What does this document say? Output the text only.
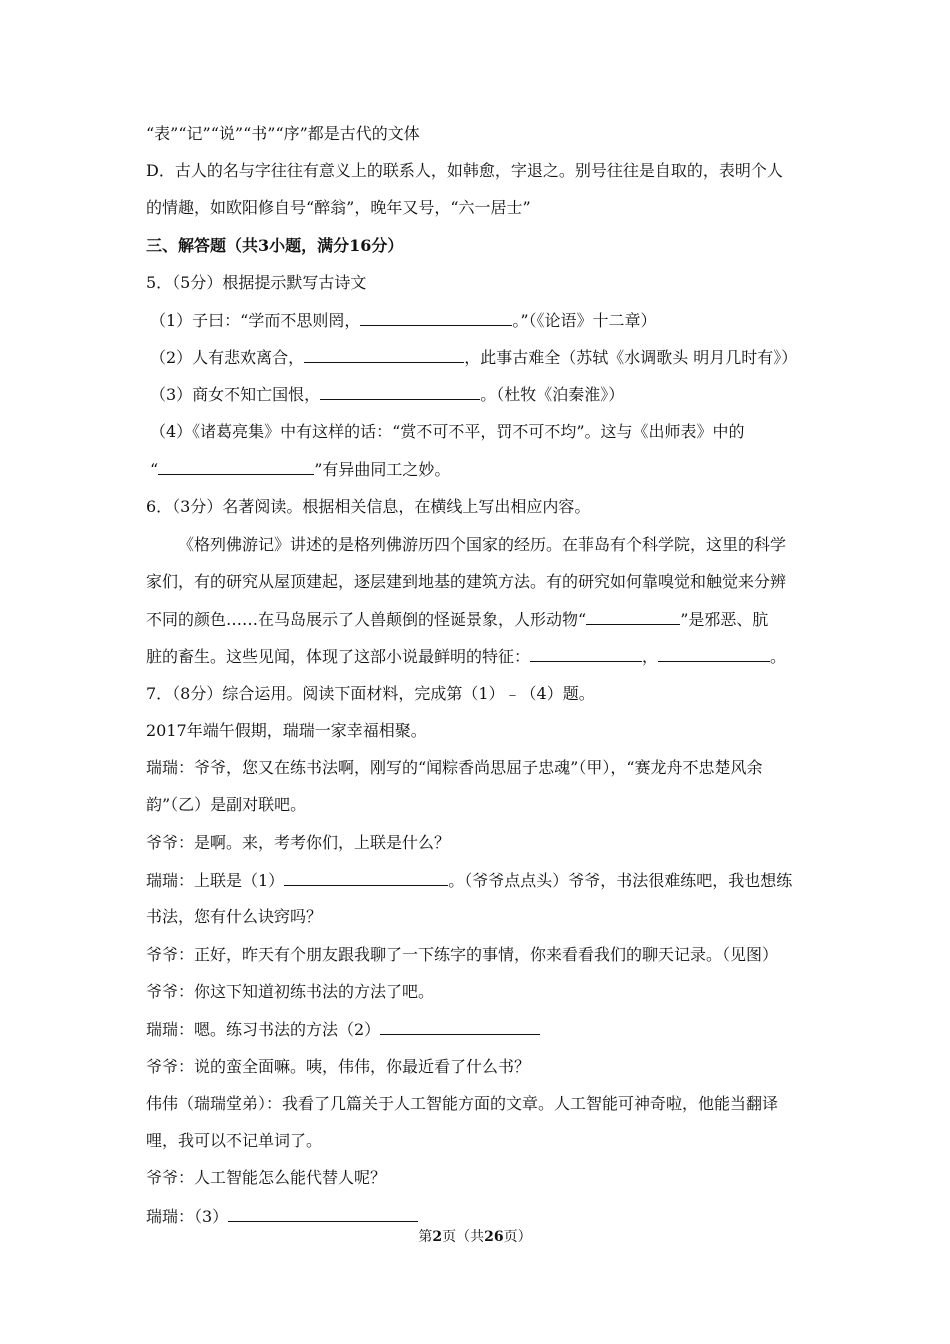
“表”“记”“说”“书”“序”都是古代的文体
D．古人的名与字往往有意义上的联系人，如韩愈，字退之。别号往往是自取的，表明个人
的情趣，如欧阳修自号“醉翁”，晚年又号，“六一居士”
三、解答题（共3小题，满分16分）
5．（5分）根据提示默写古诗文
（1）子曰：“学而不思则罔，	。”（《论语》十二章）
（2）人有悲欢离合，	，此事古难全（苏轼《水调歌头 明月几时有》）
（3）商女不知亡国恨，	。（杜牧《泊秦淮》）
（4）《诸葛亮集》中有这样的话：“赏不可不平，罚不可不均”。这与《出师表》中的
“	”有异曲同工之妙。
6．（3分）名著阅读。根据相关信息，在横线上写出相应内容。
《格列佛游记》讲述的是格列佛游历四个国家的经历。在菲岛有个科学院，这里的科学
家们，有的研究从屋顶建起，逐层建到地基的建筑方法。有的研究如何靠嗅觉和触觉来分辨
不同的颜色……在马岛展示了人兽颠倒的怪诞景象，人形动物“	”是邪恶、肮
脏的畜生。这些见闻，体现了这部小说最鲜明的特征：	，	。
7．（8分）综合运用。阅读下面材料，完成第（1）﹣（4）题。
2017年端午假期，瑞瑞一家幸福相聚。
瑞瑞：爷爷，您又在练书法啊，刚写的“闻粽香尚思屈子忠魂”（甲），“赛龙舟不忠楚风余
韵”（乙）是副对联吧。
爷爷：是啊。来，考考你们，上联是什么？
瑞瑞：上联是（1）	。（爷爷点点头）爷爷，书法很难练吧，我也想练
书法，您有什么诀窍吗？
爷爷：正好，昨天有个朋友跟我聊了一下练字的事情，你来看看我们的聊天记录。（见图）
爷爷：你这下知道初练书法的方法了吧。
瑞瑞：嗯。练习书法的方法（2）
爷爷：说的蛮全面嘛。咦，伟伟，你最近看了什么书？
伟伟（瑞瑞堂弟）：我看了几篇关于人工智能方面的文章。人工智能可神奇啦，他能当翻译
哩，我可以不记单词了。
爷爷：人工智能怎么能代替人呢？
瑞瑞：（3）
第2页（共26页）
